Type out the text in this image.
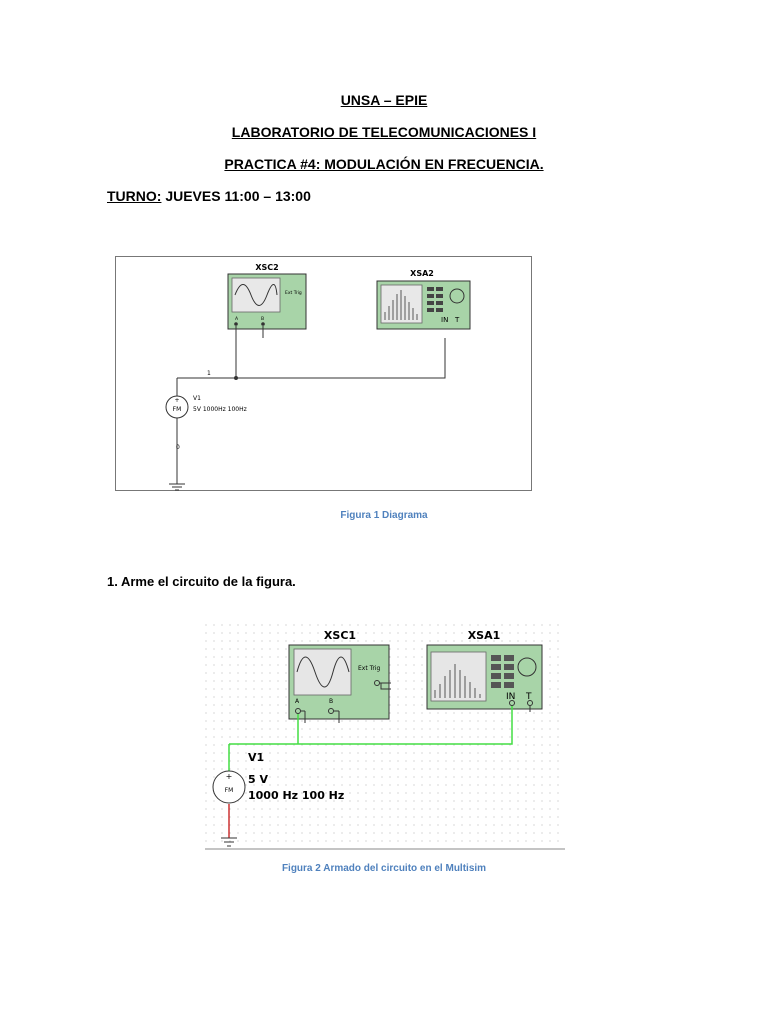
UNSA – EPIE
LABORATORIO DE TELECOMUNICACIONES I
PRACTICA #4: MODULACIÓN EN FRECUENCIA.
TURNO: JUEVES 11:00 – 13:00
XSC2
Ext Trig
A	B
XSA2
IN T
1
0
+
FM
V1
5V 1000Hz 100Hz
Figura 1 Diagrama
1. Arme el circuito de la figura.
XSC1
Ext Trig
A	B
XSA1
IN T
V1
+
FM
5 V
1000 Hz 100 Hz
Figura 2 Armado del circuito en el Multisim
